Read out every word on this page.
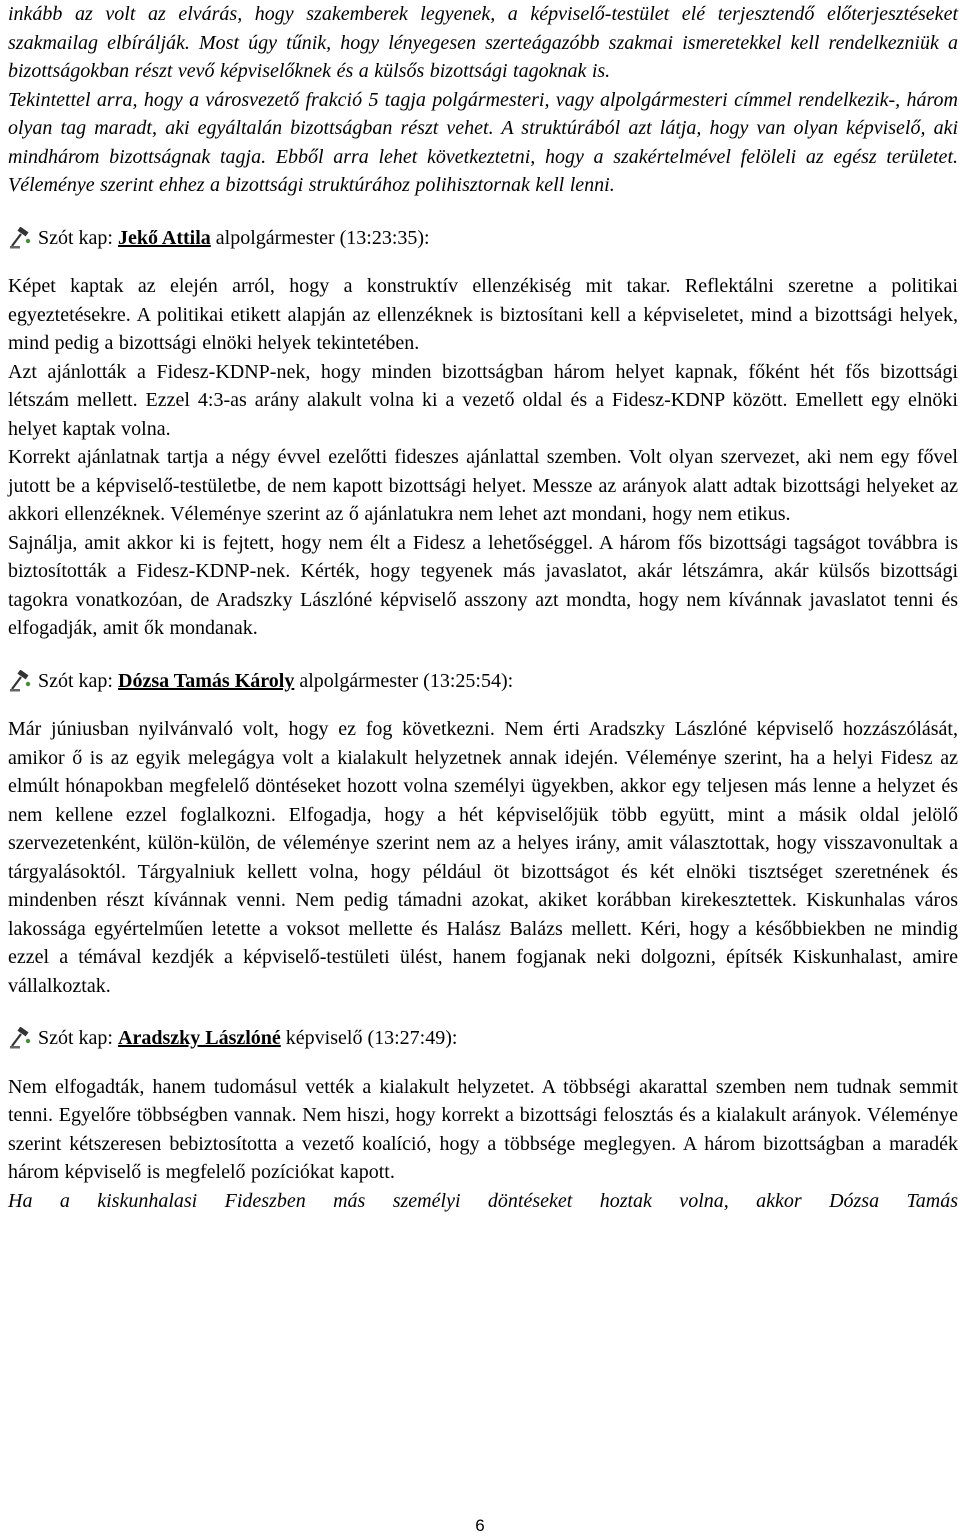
inkább az volt az elvárás, hogy szakemberek legyenek, a képviselő-testület elé terjesztendő előterjesztéseket szakmailag elbírálják. Most úgy tűnik, hogy lényegesen szerteágazóbb szakmai ismeretekkel kell rendelkezniük a bizottságokban részt vevő képviselőknek és a külsős bizottsági tagoknak is.

Tekintettel arra, hogy a városvezető frakció 5 tagja polgármesteri, vagy alpolgármesteri címmel rendelkezik-, három olyan tag maradt, aki egyáltalán bizottságban részt vehet. A struktúrából azt látja, hogy van olyan képviselő, aki mindhárom bizottságnak tagja. Ebből arra lehet következtetni, hogy a szakértelmével felöleli az egész területet. Véleménye szerint ehhez a bizottsági struktúrához polihisztornak kell lenni.

Szót kap:
Jekő Attila
alpolgármester (13:23:35):

Képet kaptak az elején arról, hogy a konstruktív ellenzékiség mit takar. Reflektálni szeretne a politikai egyeztetésekre. A politikai etikett alapján az ellenzéknek is biztosítani kell a képviseletet, mind a bizottsági helyek, mind pedig a bizottsági elnöki helyek tekintetében.

Azt ajánlották a Fidesz-KDNP-nek, hogy minden bizottságban három helyet kapnak, főként hét fős bizottsági létszám mellett. Ezzel 4:3-as arány alakult volna ki a vezető oldal és a Fidesz-KDNP között. Emellett egy elnöki helyet kaptak volna.

Korrekt ajánlatnak tartja a négy évvel ezelőtti fideszes ajánlattal szemben. Volt olyan szervezet, aki nem egy fővel jutott be a képviselő-testületbe, de nem kapott bizottsági helyet. Messze az arányok alatt adtak bizottsági helyeket az akkori ellenzéknek. Véleménye szerint az ő ajánlatukra nem lehet azt mondani, hogy nem etikus.

Sajnálja, amit akkor ki is fejtett, hogy nem élt a Fidesz a lehetőséggel. A három fős bizottsági tagságot továbbra is biztosították a Fidesz-KDNP-nek. Kérték, hogy tegyenek más javaslatot, akár létszámra, akár külsős bizottsági tagokra vonatkozóan, de Aradszky Lászlóné képviselő asszony azt mondta, hogy nem kívánnak javaslatot tenni és elfogadják, amit ők mondanak.

Szót kap:
Dózsa Tamás Károly
alpolgármester (13:25:54):

Már júniusban nyilvánvaló volt, hogy ez fog következni. Nem érti Aradszky Lászlóné képviselő hozzászólását, amikor ő is az egyik melegágya volt a kialakult helyzetnek annak idején. Véleménye szerint, ha a helyi Fidesz az elmúlt hónapokban megfelelő döntéseket hozott volna személyi ügyekben, akkor egy teljesen más lenne a helyzet és nem kellene ezzel foglalkozni. Elfogadja, hogy a hét képviselőjük több együtt, mint a másik oldal jelölő szervezetenként, külön-külön, de véleménye szerint nem az a helyes irány, amit választottak, hogy visszavonultak a tárgyalásoktól. Tárgyalniuk kellett volna, hogy például öt bizottságot és két elnöki tisztséget szeretnének és mindenben részt kívánnak venni. Nem pedig támadni azokat, akiket korábban kirekesztettek. Kiskunhalas város lakossága egyértelműen letette a voksot mellette és Halász Balázs mellett. Kéri, hogy a későbbiekben ne mindig ezzel a témával kezdjék a képviselő-testületi ülést, hanem fogjanak neki dolgozni, építsék Kiskunhalast, amire vállalkoztak.

Szót kap:
Aradszky Lászlóné
képviselő (13:27:49):

Nem elfogadták, hanem tudomásul vették a kialakult helyzetet. A többségi akarattal szemben nem tudnak semmit tenni. Egyelőre többségben vannak. Nem hiszi, hogy korrekt a bizottsági felosztás és a kialakult arányok. Véleménye szerint kétszeresen bebiztosította a vezető koalíció, hogy a többsége meglegyen. A három bizottságban a maradék három képviselő is megfelelő pozíciókat kapott.

Ha a kiskunhalasi Fideszben más személyi döntéseket hoztak volna, akkor Dózsa Tamás

6
